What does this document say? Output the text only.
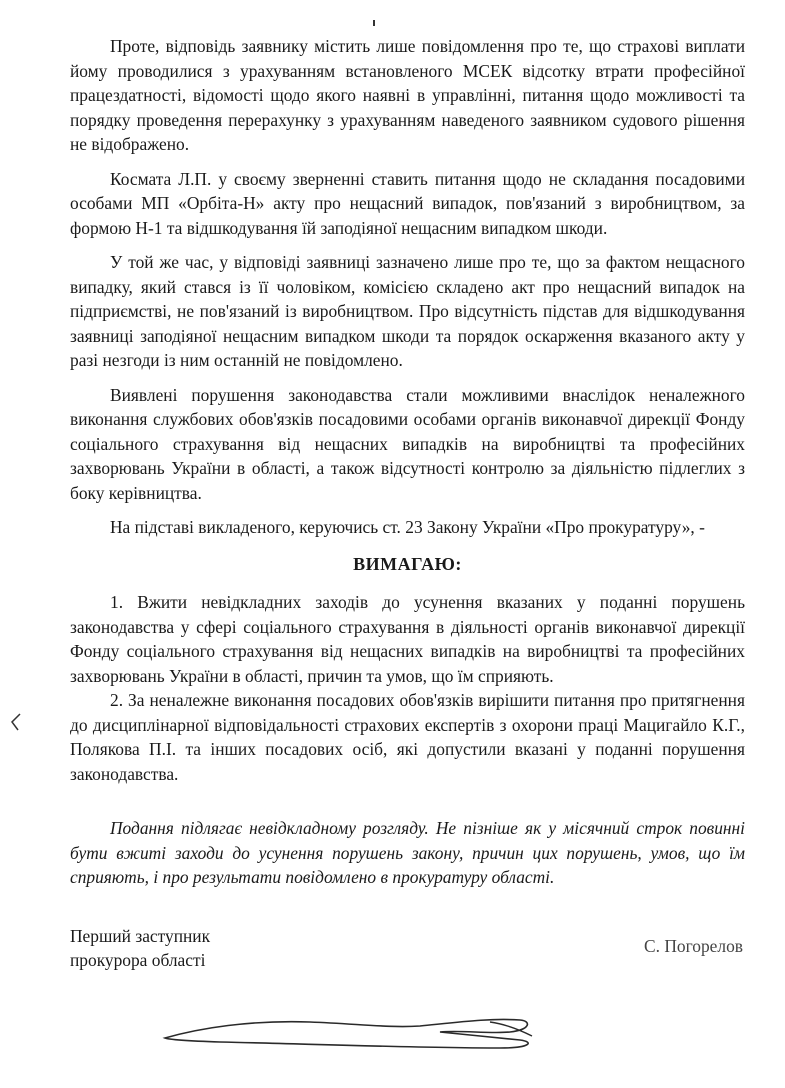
Проте, відповідь заявнику містить лише повідомлення про те, що страхові виплати йому проводилися з урахуванням встановленого МСЕК відсотку втрати професійної працездатності, відомості щодо якого наявні в управлінні, питання щодо можливості та порядку проведення перерахунку з урахуванням наведеного заявником судового рішення не відображено.

Космата Л.П. у своєму зверненні ставить питання щодо не складання посадовими особами МП «Орбіта-Н» акту про нещасний випадок, пов'язаний з виробництвом, за формою Н-1 та відшкодування їй заподіяної нещасним випадком шкоди.

У той же час, у відповіді заявниці зазначено лише про те, що за фактом нещасного випадку, який стався із її чоловіком, комісією складено акт про нещасний випадок на підприємстві, не пов'язаний із виробництвом. Про відсутність підстав для відшкодування заявниці заподіяної нещасним випадком шкоди та порядок оскарження вказаного акту у разі незгоди із ним останній не повідомлено.

Виявлені порушення законодавства стали можливими внаслідок неналежного виконання службових обов'язків посадовими особами органів виконавчої дирекції Фонду соціального страхування від нещасних випадків на виробництві та професійних захворювань України в області, а також відсутності контролю за діяльністю підлеглих з боку керівництва.

На підставі викладеного, керуючись ст. 23 Закону України «Про прокуратуру», -

ВИМАГАЮ:

1. Вжити невідкладних заходів до усунення вказаних у поданні порушень законодавства у сфері соціального страхування в діяльності органів виконавчої дирекції Фонду соціального страхування від нещасних випадків на виробництві та професійних захворювань України в області, причин та умов, що їм сприяють.

2. За неналежне виконання посадових обов'язків вирішити питання про притягнення до дисциплінарної відповідальності страхових експертів з охорони праці Мацигайло К.Г., Полякова П.І. та інших посадових осіб, які допустили вказані у поданні порушення законодавства.

Подання підлягає невідкладному розгляду. Не пізніше як у місячний строк повинні бути вжиті заходи до усунення порушень закону, причин цих порушень, умов, що їм сприяють, і про результати повідомлено в прокуратуру області.

Перший заступник

прокурора області

С. Погорелов
